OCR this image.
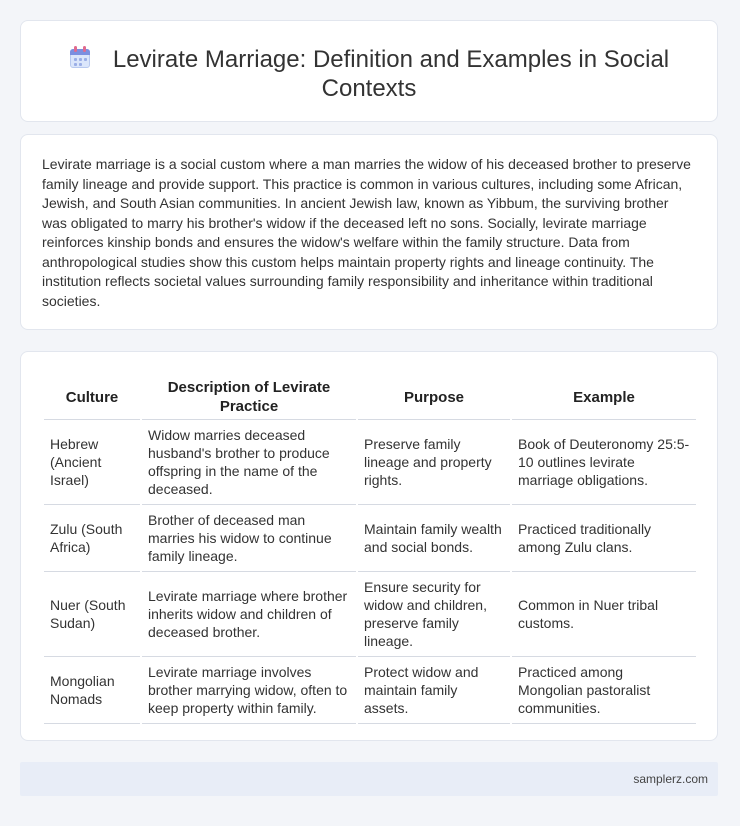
Levirate Marriage: Definition and Examples in Social Contexts

Levirate marriage is a social custom where a man marries the widow of his deceased brother to preserve family lineage and provide support. This practice is common in various cultures, including some African, Jewish, and South Asian communities. In ancient Jewish law, known as Yibbum, the surviving brother was obligated to marry his brother's widow if the deceased left no sons. Socially, levirate marriage reinforces kinship bonds and ensures the widow's welfare within the family structure. Data from anthropological studies show this custom helps maintain property rights and lineage continuity. The institution reflects societal values surrounding family responsibility and inheritance within traditional societies.

Culture	Description of Levirate Practice	Purpose	Example
Hebrew (Ancient Israel)	Widow marries deceased husband's brother to produce offspring in the name of the deceased.	Preserve family lineage and property rights.	Book of Deuteronomy 25:5-10 outlines levirate marriage obligations.
Zulu (South Africa)	Brother of deceased man marries his widow to continue family lineage.	Maintain family wealth and social bonds.	Practiced traditionally among Zulu clans.
Nuer (South Sudan)	Levirate marriage where brother inherits widow and children of deceased brother.	Ensure security for widow and children, preserve family lineage.	Common in Nuer tribal customs.
Mongolian Nomads	Levirate marriage involves brother marrying widow, often to keep property within family.	Protect widow and maintain family assets.	Practiced among Mongolian pastoralist communities.
samplerz.com
